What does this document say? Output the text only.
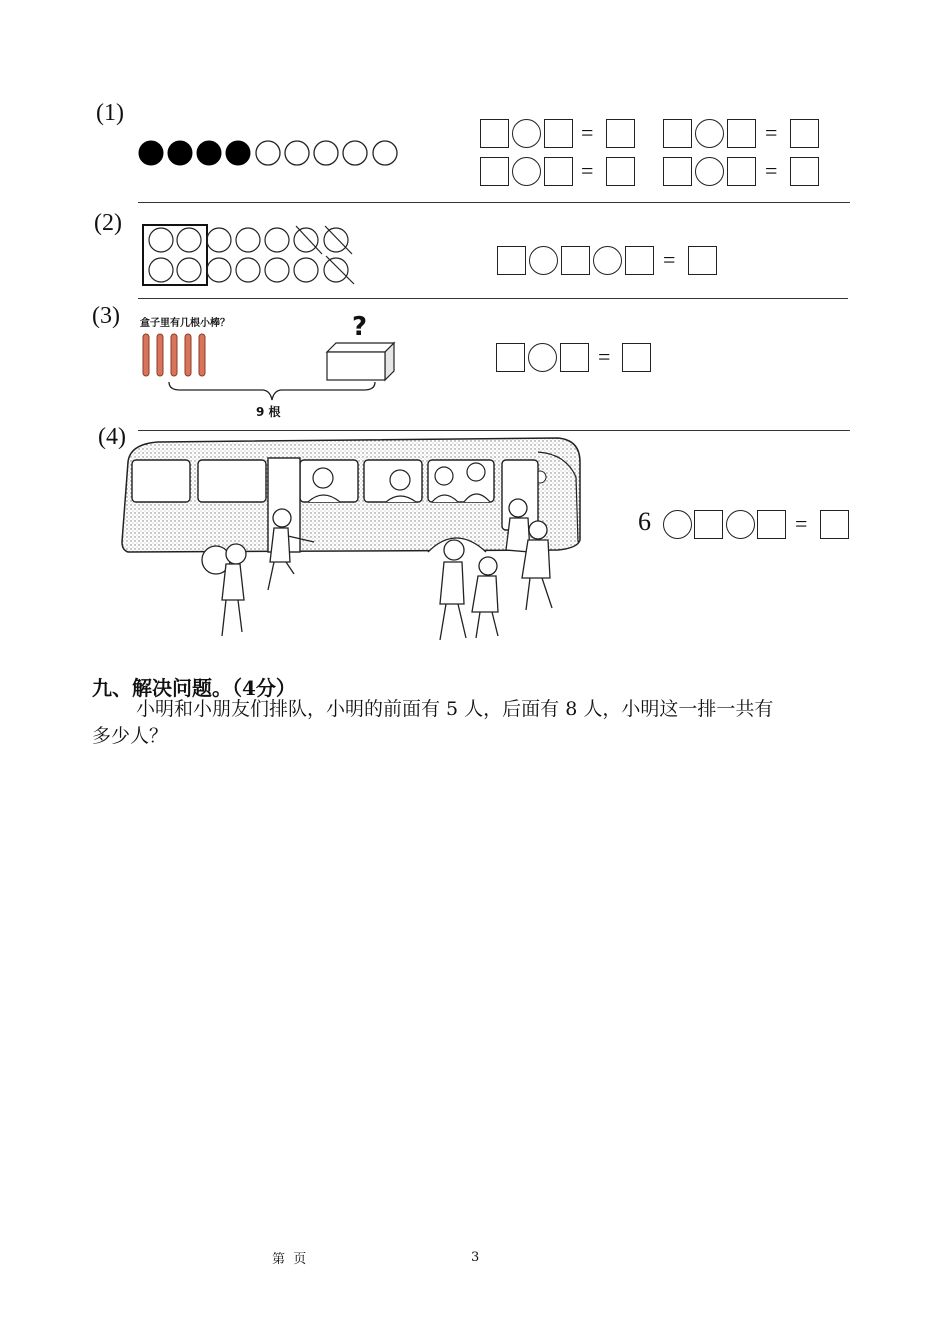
(1)
=	=
=	=
(2)
=
(3) 盒子里有几根小棒？	?
9 根
=
(4)
6	=
九、解决问题。（4分）
小明和小朋友们排队，小明的前面有 5 人，后面有 8 人，小明这一排一共有
多少人？
第  页	3
